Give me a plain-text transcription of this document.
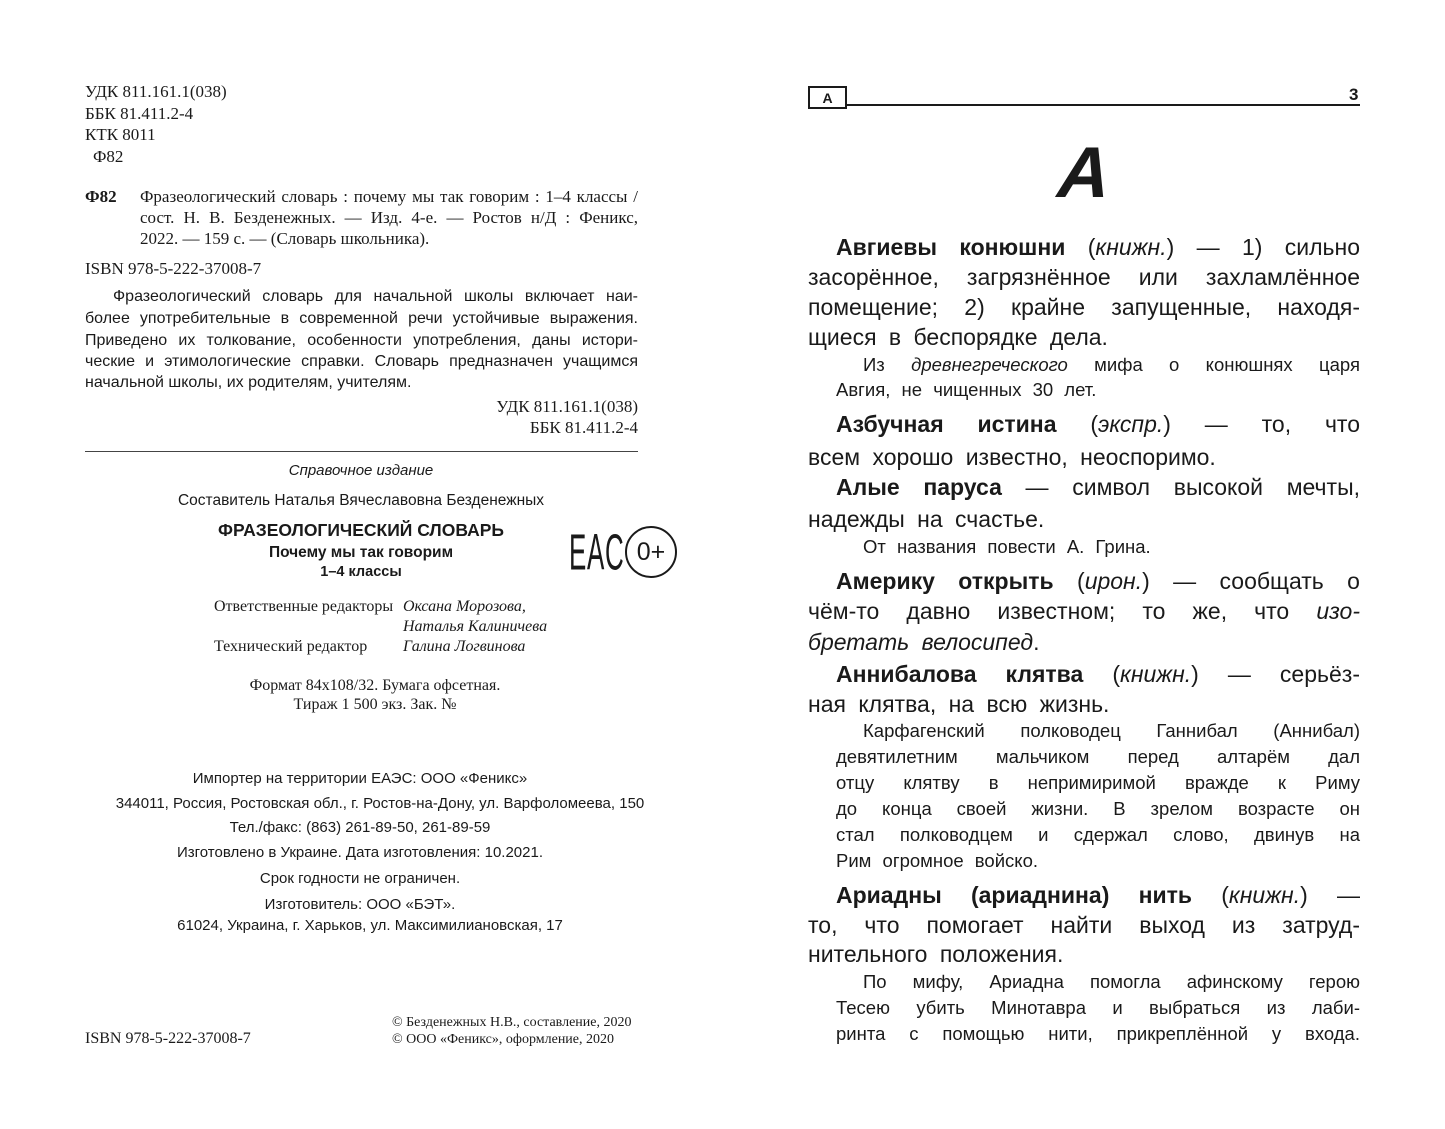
УДК 811.161.1(038)
ББК 81.411.2-4
КТК 8011
Ф82
Ф82 Фразеологический словарь : почему мы так говорим : 1–4 классы /
сост. Н. В. Безденежных. — Изд. 4-е. — Ростов н/Д : Феникс,
2022. — 159 с. — (Словарь школьника).
ISBN 978-5-222-37008-7
Фразеологический словарь для начальной школы включает наи-
более употребительные в современной речи устойчивые выражения.
Приведено их толкование, особенности употребления, даны истори-
ческие и этимологические справки. Словарь предназначен учащимся
начальной школы, их родителям, учителям.
УДК 811.161.1(038)
ББК 81.411.2-4
Справочное издание
Составитель Наталья Вячеславовна Безденежных
ФРАЗЕОЛОГИЧЕСКИЙ СЛОВАРЬ
Почему мы так говорим
1–4 классы	EAC 0+
Ответственные редакторы Оксана Морозова,
Наталья Калиничева
Технический редактор Галина Логвинова
Формат 84x108/32. Бумага офсетная.
Тираж 1 500 экз. Зак. №
Импортер на территории ЕАЭС: ООО «Феникс»
344011, Россия, Ростовская обл., г. Ростов-на-Дону, ул. Варфоломеева, 150
Тел./факс: (863) 261-89-50, 261-89-59
Изготовлено в Украине. Дата изготовления: 10.2021.
Срок годности не ограничен.
Изготовитель: ООО «БЭТ».
61024, Украина, г. Харьков, ул. Максимилиановская, 17
ISBN 978-5-222-37008-7
© Безденежных Н.В., составление, 2020
© ООО «Феникс», оформление, 2020
А	3
А
Авгиевы конюшни (книжн.) — 1) сильно
засорённое, загрязнённое или захламлённое
помещение; 2) крайне запущенные, находя-
щиеся в беспорядке дела.
Из древнегреческого мифа о конюшнях царя
Авгия, не чищенных 30 лет.
Азбучная истина (экспр.) — то, что
всем хорошо известно, неоспоримо.
Алые паруса — символ высокой мечты,
надежды на счастье.
От названия повести А. Грина.
Америку открыть (ирон.) — сообщать о
чём-то давно известном; то же, что изо-
бретать велосипед.
Аннибалова клятва (книжн.) — серьёз-
ная клятва, на всю жизнь.
Карфагенский полководец Ганнибал (Аннибал)
девятилетним мальчиком перед алтарём дал
отцу клятву в непримиримой вражде к Риму
до конца своей жизни. В зрелом возрасте он
стал полководцем и сдержал слово, двинув на
Рим огромное войско.
Ариадны (ариаднина) нить (книжн.) —
то, что помогает найти выход из затруд-
нительного положения.
По мифу, Ариадна помогла афинскому герою
Тесею убить Минотавра и выбраться из лаби-
ринта с помощью нити, прикреплённой у входа.
